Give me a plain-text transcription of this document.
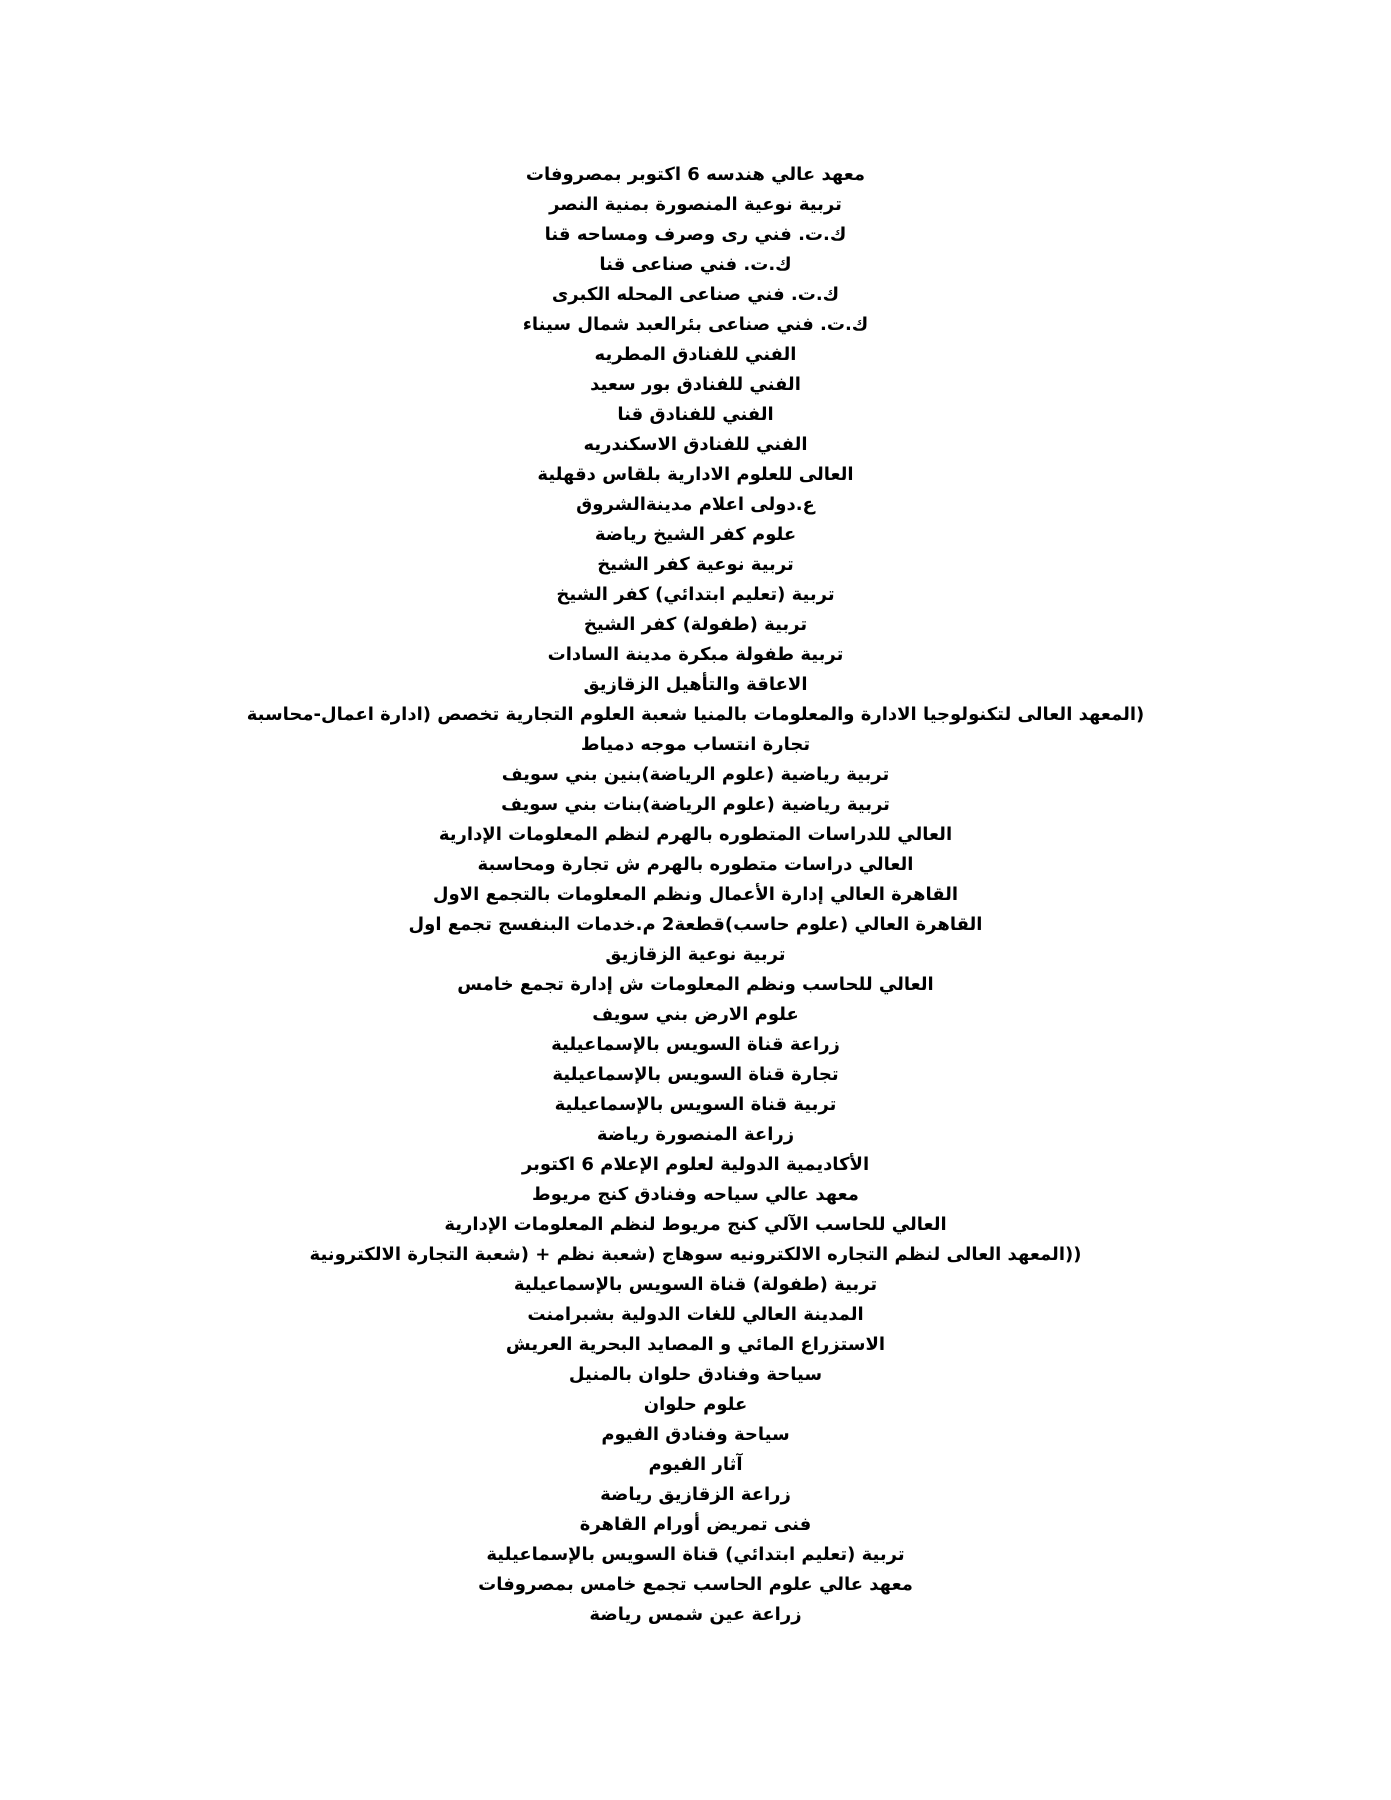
معهد عالي هندسه 6 اكتوبر بمصروفات
تربية نوعية المنصورة بمنية النصر
ك.ت. فني رى وصرف ومساحه قنا
ك.ت. فني صناعى قنا
ك.ت. فني صناعى المحله الكبرى
ك.ت. فني صناعى بئرالعبد شمال سيناء
الفني للفنادق المطريه
الفني للفنادق بور سعيد
الفني للفنادق قنا
الفني للفنادق الاسكندريه
العالى للعلوم الادارية بلقاس دقهلية
ع.دولى اعلام مدينةالشروق
علوم كفر الشيخ رياضة
تربية نوعية كفر الشيخ
تربية (تعليم ابتدائي) كفر الشيخ
تربية (طفولة) كفر الشيخ
تربية طفولة مبكرة مدينة السادات
الاعاقة والتأهيل الزقازيق
(المعهد العالى لتكنولوجيا الادارة والمعلومات بالمنيا شعبة العلوم التجارية تخصص (ادارة اعمال-محاسبة
تجارة انتساب موجه دمياط
تربية رياضية (علوم الرياضة)بنين بني سويف
تربية رياضية (علوم الرياضة)بنات بني سويف
العالي للدراسات المتطوره بالهرم لنظم المعلومات الإدارية
العالي دراسات متطوره بالهرم ش تجارة ومحاسبة
القاهرة العالي إدارة الأعمال ونظم المعلومات بالتجمع الاول
القاهرة العالي (علوم حاسب)قطعة2 م.خدمات البنفسج تجمع اول
تربية نوعية الزقازيق
العالي للحاسب ونظم المعلومات ش إدارة تجمع خامس
علوم الارض بني سويف
زراعة قناة السويس بالإسماعيلية
تجارة قناة السويس بالإسماعيلية
تربية قناة السويس بالإسماعيلية
زراعة المنصورة رياضة
الأكاديمية الدولية لعلوم الإعلام 6 اكتوبر
معهد عالي سياحه وفنادق كنج مريوط
العالي للحاسب الآلي كنج مريوط لنظم المعلومات الإدارية
((المعهد العالى لنظم التجاره الالكترونيه سوهاج (شعبة نظم + (شعبة التجارة الالكترونية
تربية (طفولة) قناة السويس بالإسماعيلية
المدينة العالي للغات الدولية بشبرامنت
الاستزراع المائي و المصايد البحرية العريش
سياحة وفنادق حلوان بالمنيل
علوم حلوان
سياحة وفنادق الفيوم
آثار الفيوم
زراعة الزقازيق رياضة
فنى تمريض أورام القاهرة
تربية (تعليم ابتدائي) قناة السويس بالإسماعيلية
معهد عالي علوم الحاسب تجمع خامس بمصروفات
زراعة عين شمس رياضة
